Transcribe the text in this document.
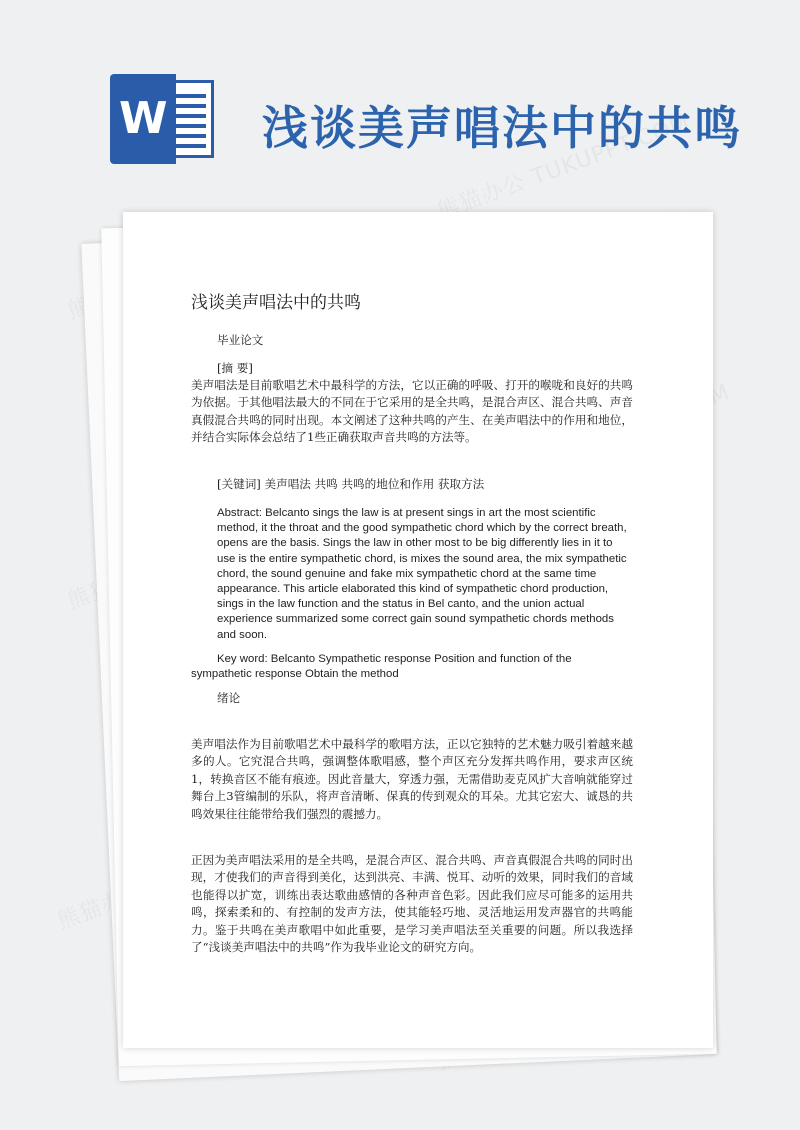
W 浅谈美声唱法中的共鸣
浅谈美声唱法中的共鸣
毕业论文
[摘 要]
美声唱法是目前歌唱艺术中最科学的方法，它以正确的呼吸、打开的喉咙和良好的共鸣为依据。于其他唱法最大的不同在于它采用的是全共鸣，是混合声区、混合共鸣、声音真假混合共鸣的同时出现。本文阐述了这种共鸣的产生、在美声唱法中的作用和地位，并结合实际体会总结了1些正确获取声音共鸣的方法等。
[关键词] 美声唱法 共鸣 共鸣的地位和作用 获取方法
Abstract: Belcanto sings the law is at present sings in art the most scientific method, it the throat and the good sympathetic chord which by the correct breath, opens are the basis. Sings the law in other most to be big differently lies in it to use is the entire sympathetic chord, is mixes the sound area, the mix sympathetic chord, the sound genuine and fake mix sympathetic chord at the same time appearance. This article elaborated this kind of sympathetic chord production, sings in the law function and the status in Bel canto, and the union actual experience summarized some correct gain sound sympathetic chords methods and soon.
Key word: Belcanto Sympathetic response Position and function of the sympathetic response Obtain the method
绪论
美声唱法作为目前歌唱艺术中最科学的歌唱方法，正以它独特的艺术魅力吸引着越来越多的人。它究混合共鸣，强调整体歌唱感，整个声区充分发挥共鸣作用，要求声区统1，转换音区不能有痕迹。因此音量大，穿透力强，无需借助麦克风扩大音响就能穿过舞台上3管编制的乐队，将声音清晰、保真的传到观众的耳朵。尤其它宏大、诚恳的共鸣效果往往能带给我们强烈的震撼力。
正因为美声唱法采用的是全共鸣，是混合声区、混合共鸣、声音真假混合共鸣的同时出现，才使我们的声音得到美化，达到洪亮、丰满、悦耳、动听的效果，同时我们的音域也能得以扩宽，训练出表达歌曲感情的各种声音色彩。因此我们应尽可能多的运用共鸣，探索柔和的、有控制的发声方法，使其能轻巧地、灵活地运用发声器官的共鸣能力。鉴于共鸣在美声歌唱中如此重要，是学习美声唱法至关重要的问题。所以我选择了“浅谈美声唱法中的共鸣”作为我毕业论文的研究方向。
